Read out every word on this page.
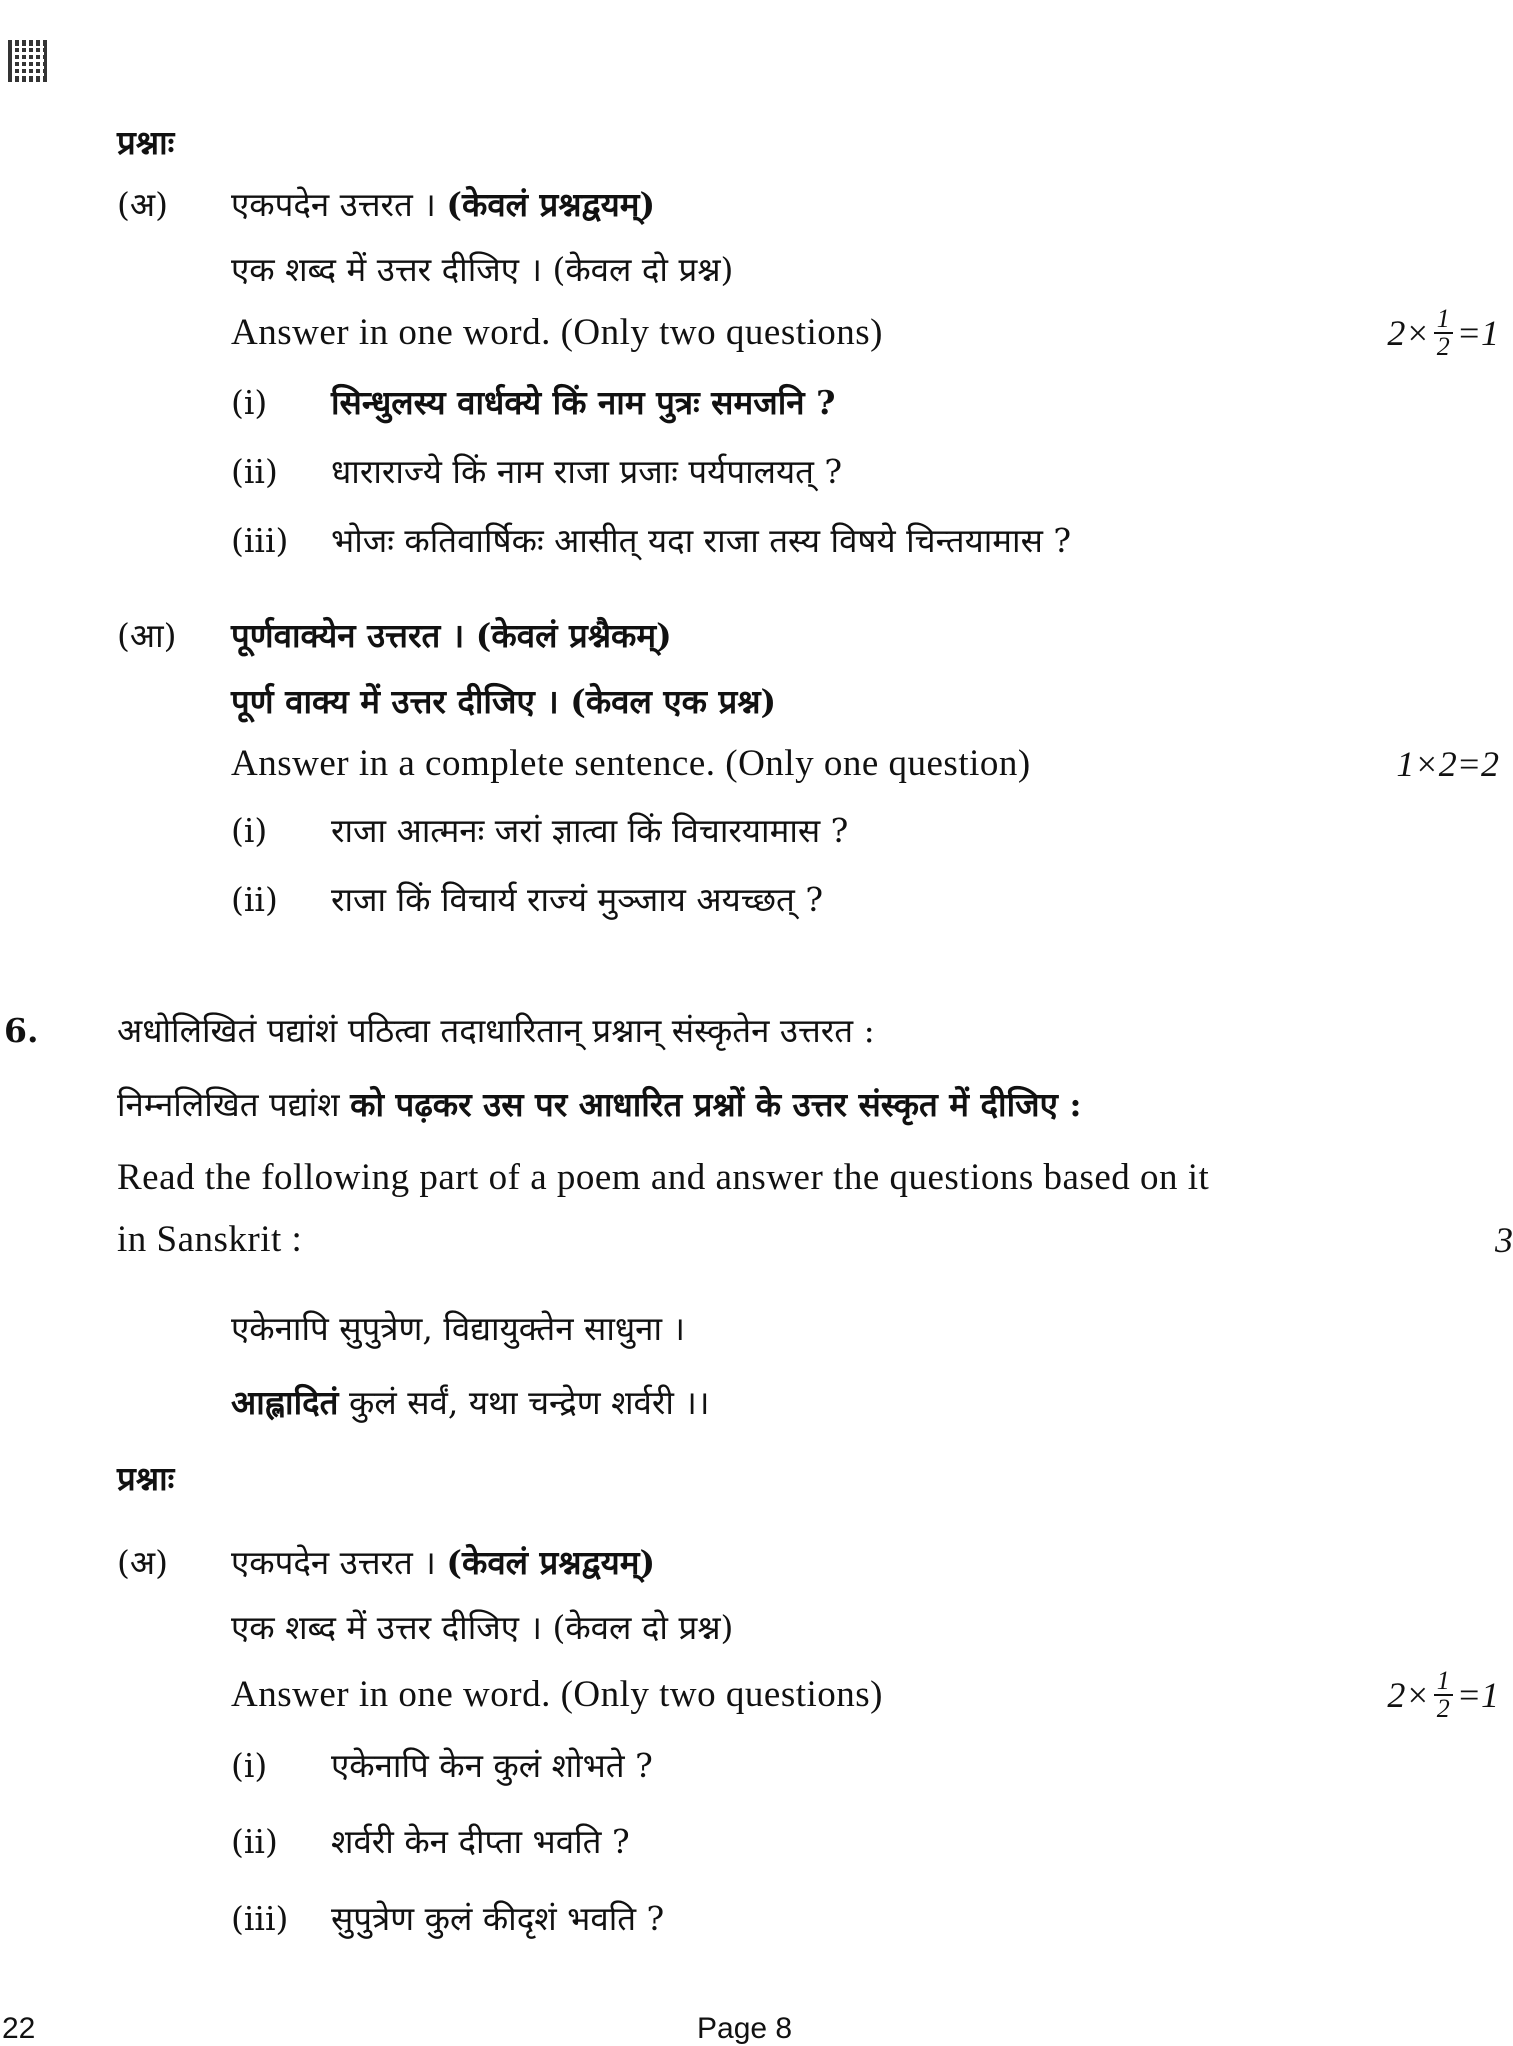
प्रश्नाः
(अ) एकपदेन उत्तरत । (केवलं प्रश्नद्वयम्)
एक शब्द में उत्तर दीजिए । (केवल दो प्रश्न)
Answer in one word. (Only two questions)	$2\times \frac{1}{2} =1$
(i) सिन्धुलस्य वार्धक्ये किं नाम पुत्रः समजनि ?
(ii) धाराराज्ये किं नाम राजा प्रजाः पर्यपालयत् ?
(iii) भोजः कतिवार्षिकः आसीत् यदा राजा तस्य विषये चिन्तयामास ?
(आ) पूर्णवाक्येन उत्तरत । (केवलं प्रश्नैकम्)
पूर्ण वाक्य में उत्तर दीजिए । (केवल एक प्रश्न)
Answer in a complete sentence. (Only one question)	1×2=2
(i) राजा आत्मनः जरां ज्ञात्वा किं विचारयामास ?
(ii) राजा किं विचार्य राज्यं मुञ्जाय अयच्छत् ?
6. अधोलिखितं पद्यांशं पठित्वा तदाधारितान् प्रश्नान् संस्कृतेन उत्तरत :
निम्नलिखित पद्यांश को पढ़कर उस पर आधारित प्रश्नों के उत्तर संस्कृत में दीजिए :
Read the following part of a poem and answer the questions based on it
in Sanskrit :	3
एकेनापि सुपुत्रेण, विद्यायुक्तेन साधुना ।
आह्लादितं कुलं सर्वं, यथा चन्द्रेण शर्वरी ।।
प्रश्नाः
(अ) एकपदेन उत्तरत । (केवलं प्रश्नद्वयम्)
एक शब्द में उत्तर दीजिए । (केवल दो प्रश्न)
Answer in one word. (Only two questions)	$2\times \frac{1}{2} =1$
(i) एकेनापि केन कुलं शोभते ?
(ii) शर्वरी केन दीप्ता भवति ?
(iii) सुपुत्रेण कुलं कीदृशं भवति ?
22	Page 8
